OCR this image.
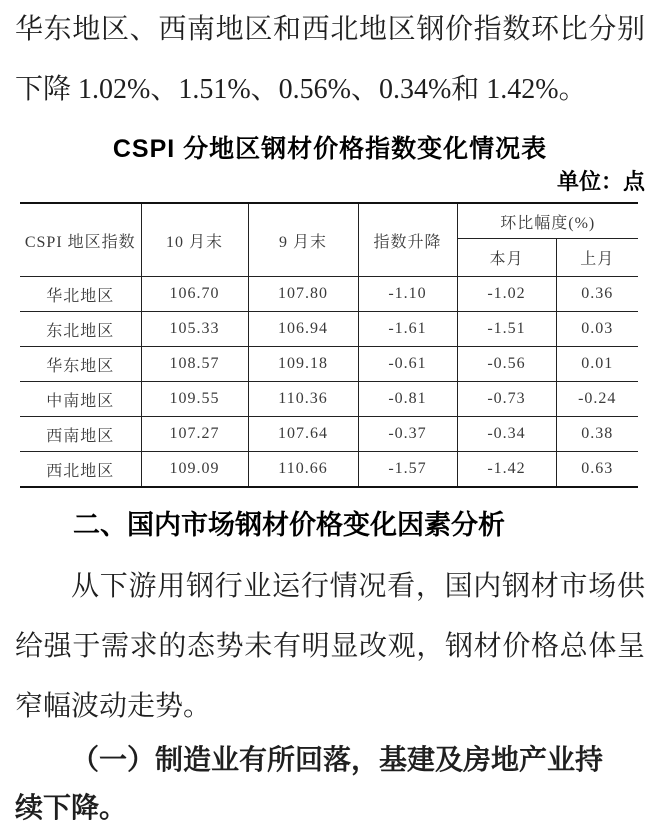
华东地区、西南地区和西北地区钢价指数环比分别
下降 1.02%、1.51%、0.56%、0.34%和 1.42%。
CSPI 分地区钢材价格指数变化情况表
单位：点
CSPI 地区指数	10 月末	9 月末	指数升降	环比幅度(%)	
				本月	上月
华北地区	106.70	107.80	-1.10	-1.02	0.36
东北地区	105.33	106.94	-1.61	-1.51	0.03
华东地区	108.57	109.18	-0.61	-0.56	0.01
中南地区	109.55	110.36	-0.81	-0.73	-0.24
西南地区	107.27	107.64	-0.37	-0.34	0.38
西北地区	109.09	110.66	-1.57	-1.42	0.63
二、国内市场钢材价格变化因素分析
从下游用钢行业运行情况看，国内钢材市场供
给强于需求的态势未有明显改观，钢材价格总体呈
窄幅波动走势。
（一）制造业有所回落，基建及房地产业持
续下降。
